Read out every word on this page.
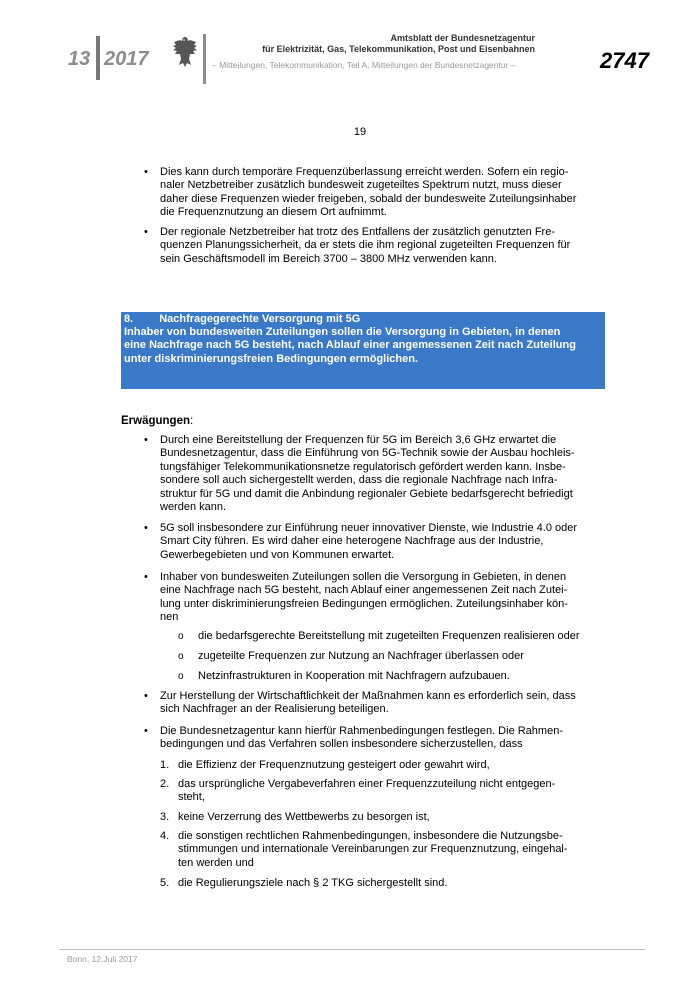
13 2017
Amtsblatt der Bundesnetzagentur
für Elektrizität, Gas, Telekommunikation, Post und Eisenbahnen
– Mitteilungen, Telekommunikation, Teil A, Mitteilungen der Bundesnetzagentur –	2747
19
• Dies kann durch temporäre Frequenzüberlassung erreicht werden. Sofern ein regio-
naler Netzbetreiber zusätzlich bundesweit zugeteiltes Spektrum nutzt, muss dieser
daher diese Frequenzen wieder freigeben, sobald der bundesweite Zuteilungsinhaber
die Frequenznutzung an diesem Ort aufnimmt.
• Der regionale Netzbetreiber hat trotz des Entfallens der zusätzlich genutzten Fre-
quenzen Planungssicherheit, da er stets die ihm regional zugeteilten Frequenzen für
sein Geschäftsmodell im Bereich 3700 – 3800 MHz verwenden kann.
8. Nachfragegerechte Versorgung mit 5G
Inhaber von bundesweiten Zuteilungen sollen die Versorgung in Gebieten, in denen
eine Nachfrage nach 5G besteht, nach Ablauf einer angemessenen Zeit nach Zuteilung
unter diskriminierungsfreien Bedingungen ermöglichen.
Erwägungen:
• Durch eine Bereitstellung der Frequenzen für 5G im Bereich 3,6 GHz erwartet die
Bundesnetzagentur, dass die Einführung von 5G-Technik sowie der Ausbau hochleis-
tungsfähiger Telekommunikationsnetze regulatorisch gefördert werden kann. Insbe-
sondere soll auch sichergestellt werden, dass die regionale Nachfrage nach Infra-
struktur für 5G und damit die Anbindung regionaler Gebiete bedarfsgerecht befriedigt
werden kann.
• 5G soll insbesondere zur Einführung neuer innovativer Dienste, wie Industrie 4.0 oder
Smart City führen. Es wird daher eine heterogene Nachfrage aus der Industrie,
Gewerbegebieten und von Kommunen erwartet.
• Inhaber von bundesweiten Zuteilungen sollen die Versorgung in Gebieten, in denen
eine Nachfrage nach 5G besteht, nach Ablauf einer angemessenen Zeit nach Zutei-
lung unter diskriminierungsfreien Bedingungen ermöglichen. Zuteilungsinhaber kön-
nen
o die bedarfsgerechte Bereitstellung mit zugeteilten Frequenzen realisieren oder
o zugeteilte Frequenzen zur Nutzung an Nachfrager überlassen oder
o Netzinfrastrukturen in Kooperation mit Nachfragern aufzubauen.
• Zur Herstellung der Wirtschaftlichkeit der Maßnahmen kann es erforderlich sein, dass
sich Nachfrager an der Realisierung beteiligen.
• Die Bundesnetzagentur kann hierfür Rahmenbedingungen festlegen. Die Rahmen-
bedingungen und das Verfahren sollen insbesondere sicherzustellen, dass
1. die Effizienz der Frequenznutzung gesteigert oder gewahrt wird,
2. das ursprüngliche Vergabeverfahren einer Frequenzzuteilung nicht entgegen-
steht,
3. keine Verzerrung des Wettbewerbs zu besorgen ist,
4. die sonstigen rechtlichen Rahmenbedingungen, insbesondere die Nutzungsbe-
stimmungen und internationale Vereinbarungen zur Frequenznutzung, eingehal-
ten werden und
5. die Regulierungsziele nach § 2 TKG sichergestellt sind.
Bonn, 12.Juli 2017
